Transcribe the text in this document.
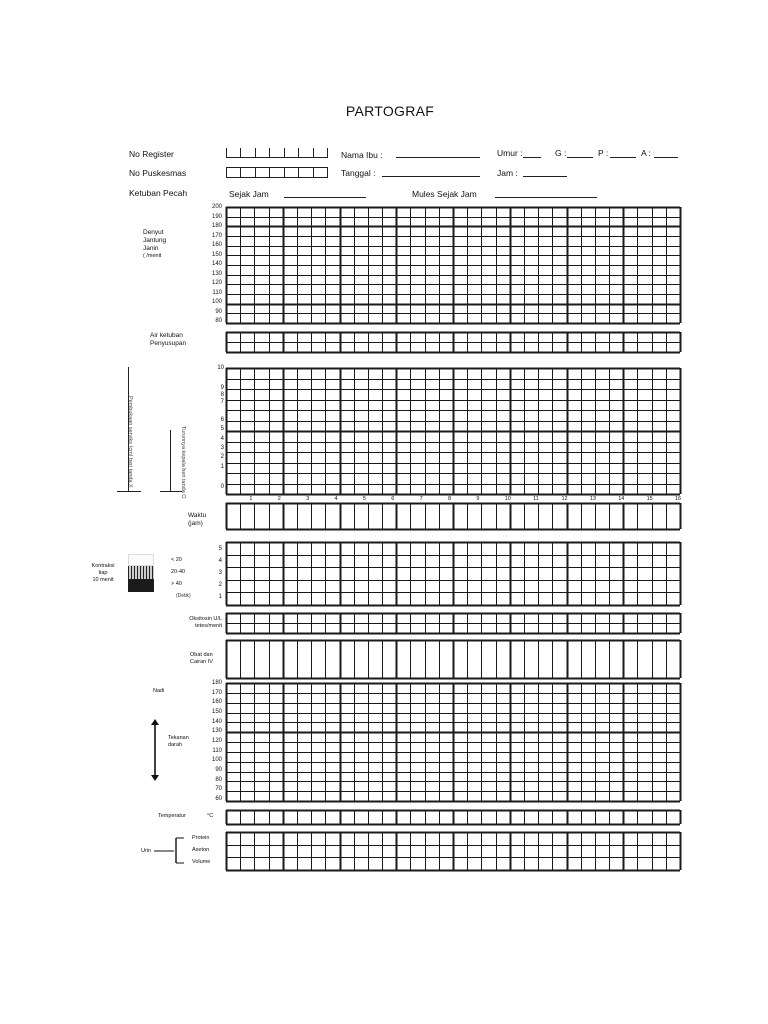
PARTOGRAF
No Register
No Puskesmas
Ketuban Pecah
Nama Ibu :	Umur :	G :	P :	A :
Tanggal :	Jam :
Sejak Jam	Mules Sejak Jam
Denyut
Jantung
Janin
( /menit
200
190
180
170
160
150
140
130
120
110
100
90
80
Air ketuban
Penyusupan
Pembukaan serviks (cm) beri tanda X	Turunnya kepala beri tanda O
10
9
8
7
6
5
4
3
2
1
0
1	2	3	4	5	6	7	8	9	10	11	12	13	14	15	16
Waktu (jam)
Kontraksi
tiap
10 menit
< 20
20-40
> 40
(Detik)
5
4
3
2
1
Oksitosin U/L
tetes/menit
Obat dan
Cairan IV
Nadi
Tekanan
darah
180
170
160
150
140
130
120
110
100
90
80
70
60
Temperatur	°C
Urin
Protein
Aseton
Volume
